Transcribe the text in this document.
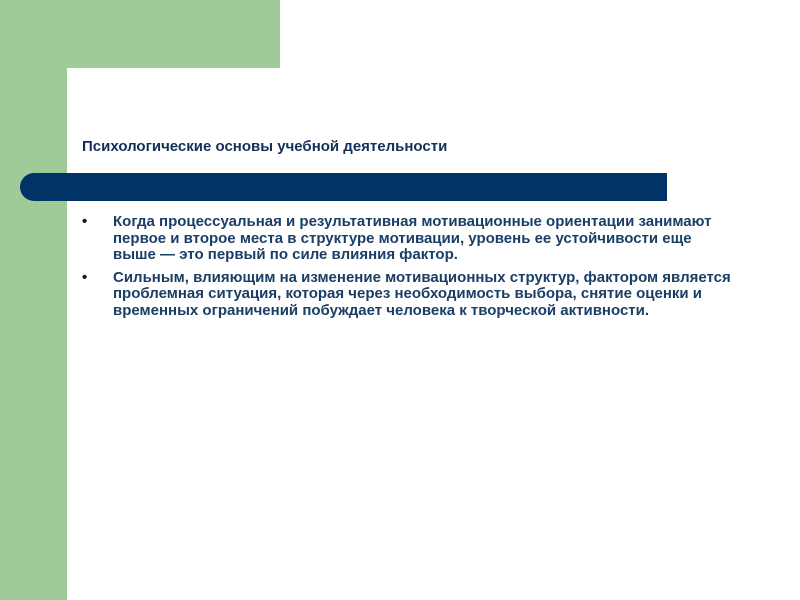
Психологические основы учебной деятельности
• Когда процессуальная и результативная мотивационные ориентации занимают первое и второе места в структуре мотивации, уровень ее устойчивости еще выше — это первый по силе влияния фактор.
• Сильным, влияющим на изменение мотивационных структур, фактором является проблемная ситуация, которая через необходимость выбора, снятие оценки и временных ограничений побуждает человека к творческой активности.
